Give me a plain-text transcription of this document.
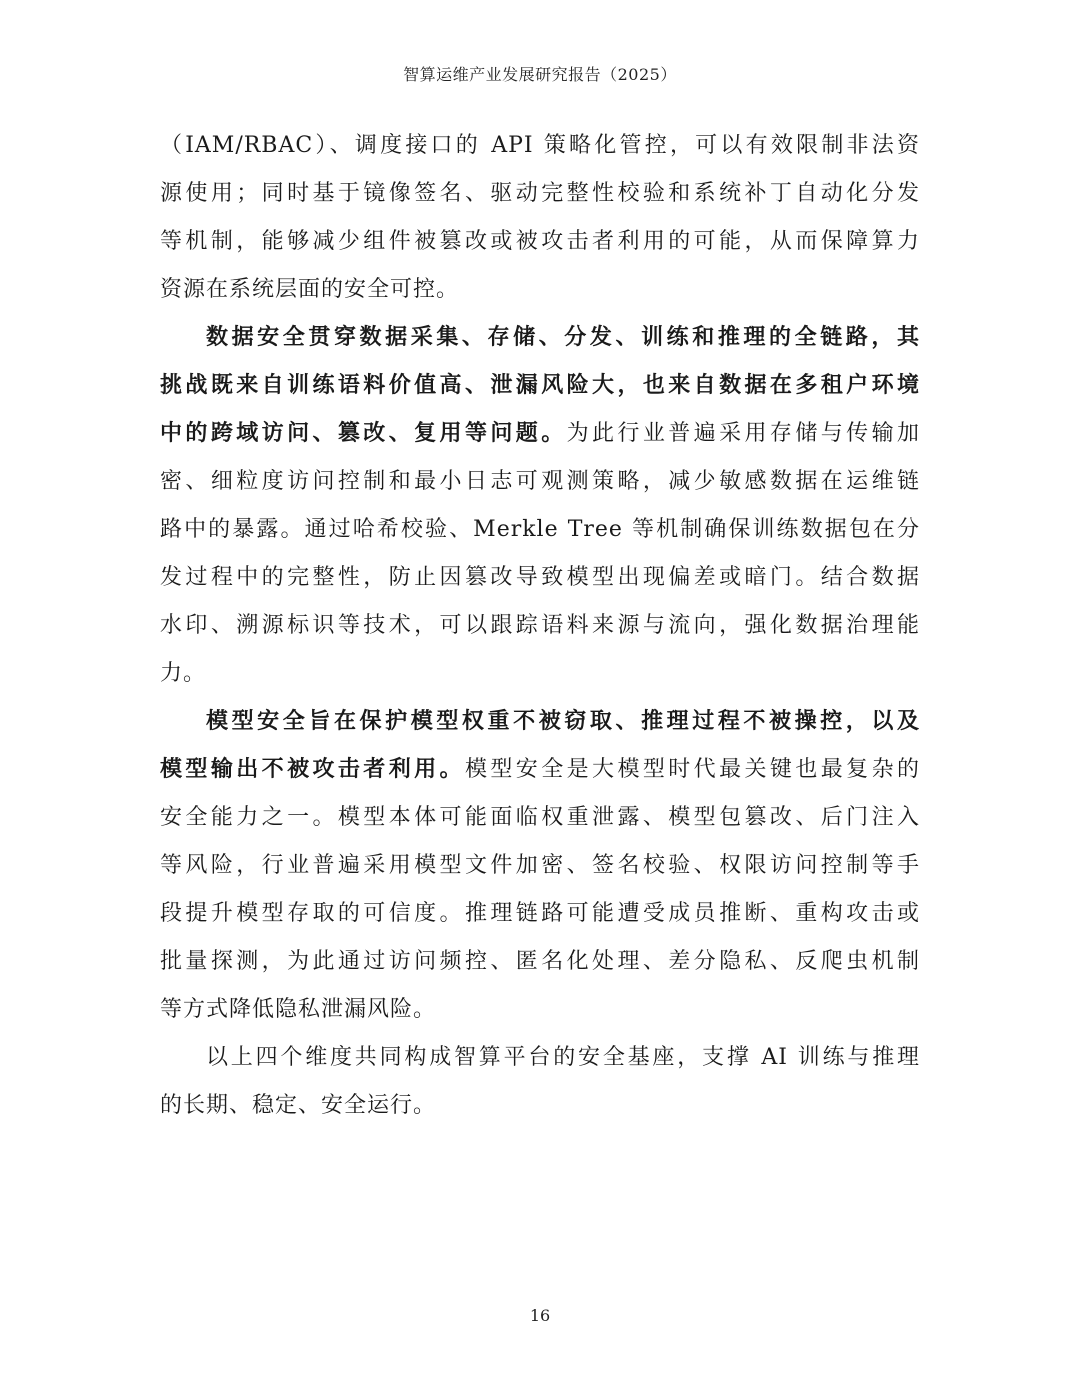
智算运维产业发展研究报告（2025）
（IAM/RBAC）、调度接口的 API 策略化管控，可以有效限制非法资
源使用；同时基于镜像签名、驱动完整性校验和系统补丁自动化分发
等机制，能够减少组件被篡改或被攻击者利用的可能，从而保障算力
资源在系统层面的安全可控。
数据安全贯穿数据采集、存储、分发、训练和推理的全链路，其
挑战既来自训练语料价值高、泄漏风险大，也来自数据在多租户环境
中的跨域访问、篡改、复用等问题。为此行业普遍采用存储与传输加
密、细粒度访问控制和最小日志可观测策略，减少敏感数据在运维链
路中的暴露。通过哈希校验、Merkle Tree 等机制确保训练数据包在分
发过程中的完整性，防止因篡改导致模型出现偏差或暗门。结合数据
水印、溯源标识等技术，可以跟踪语料来源与流向，强化数据治理能
力。
模型安全旨在保护模型权重不被窃取、推理过程不被操控，以及
模型输出不被攻击者利用。模型安全是大模型时代最关键也最复杂的
安全能力之一。模型本体可能面临权重泄露、模型包篡改、后门注入
等风险，行业普遍采用模型文件加密、签名校验、权限访问控制等手
段提升模型存取的可信度。推理链路可能遭受成员推断、重构攻击或
批量探测，为此通过访问频控、匿名化处理、差分隐私、反爬虫机制
等方式降低隐私泄漏风险。
以上四个维度共同构成智算平台的安全基座，支撑 AI 训练与推理
的长期、稳定、安全运行。
16
